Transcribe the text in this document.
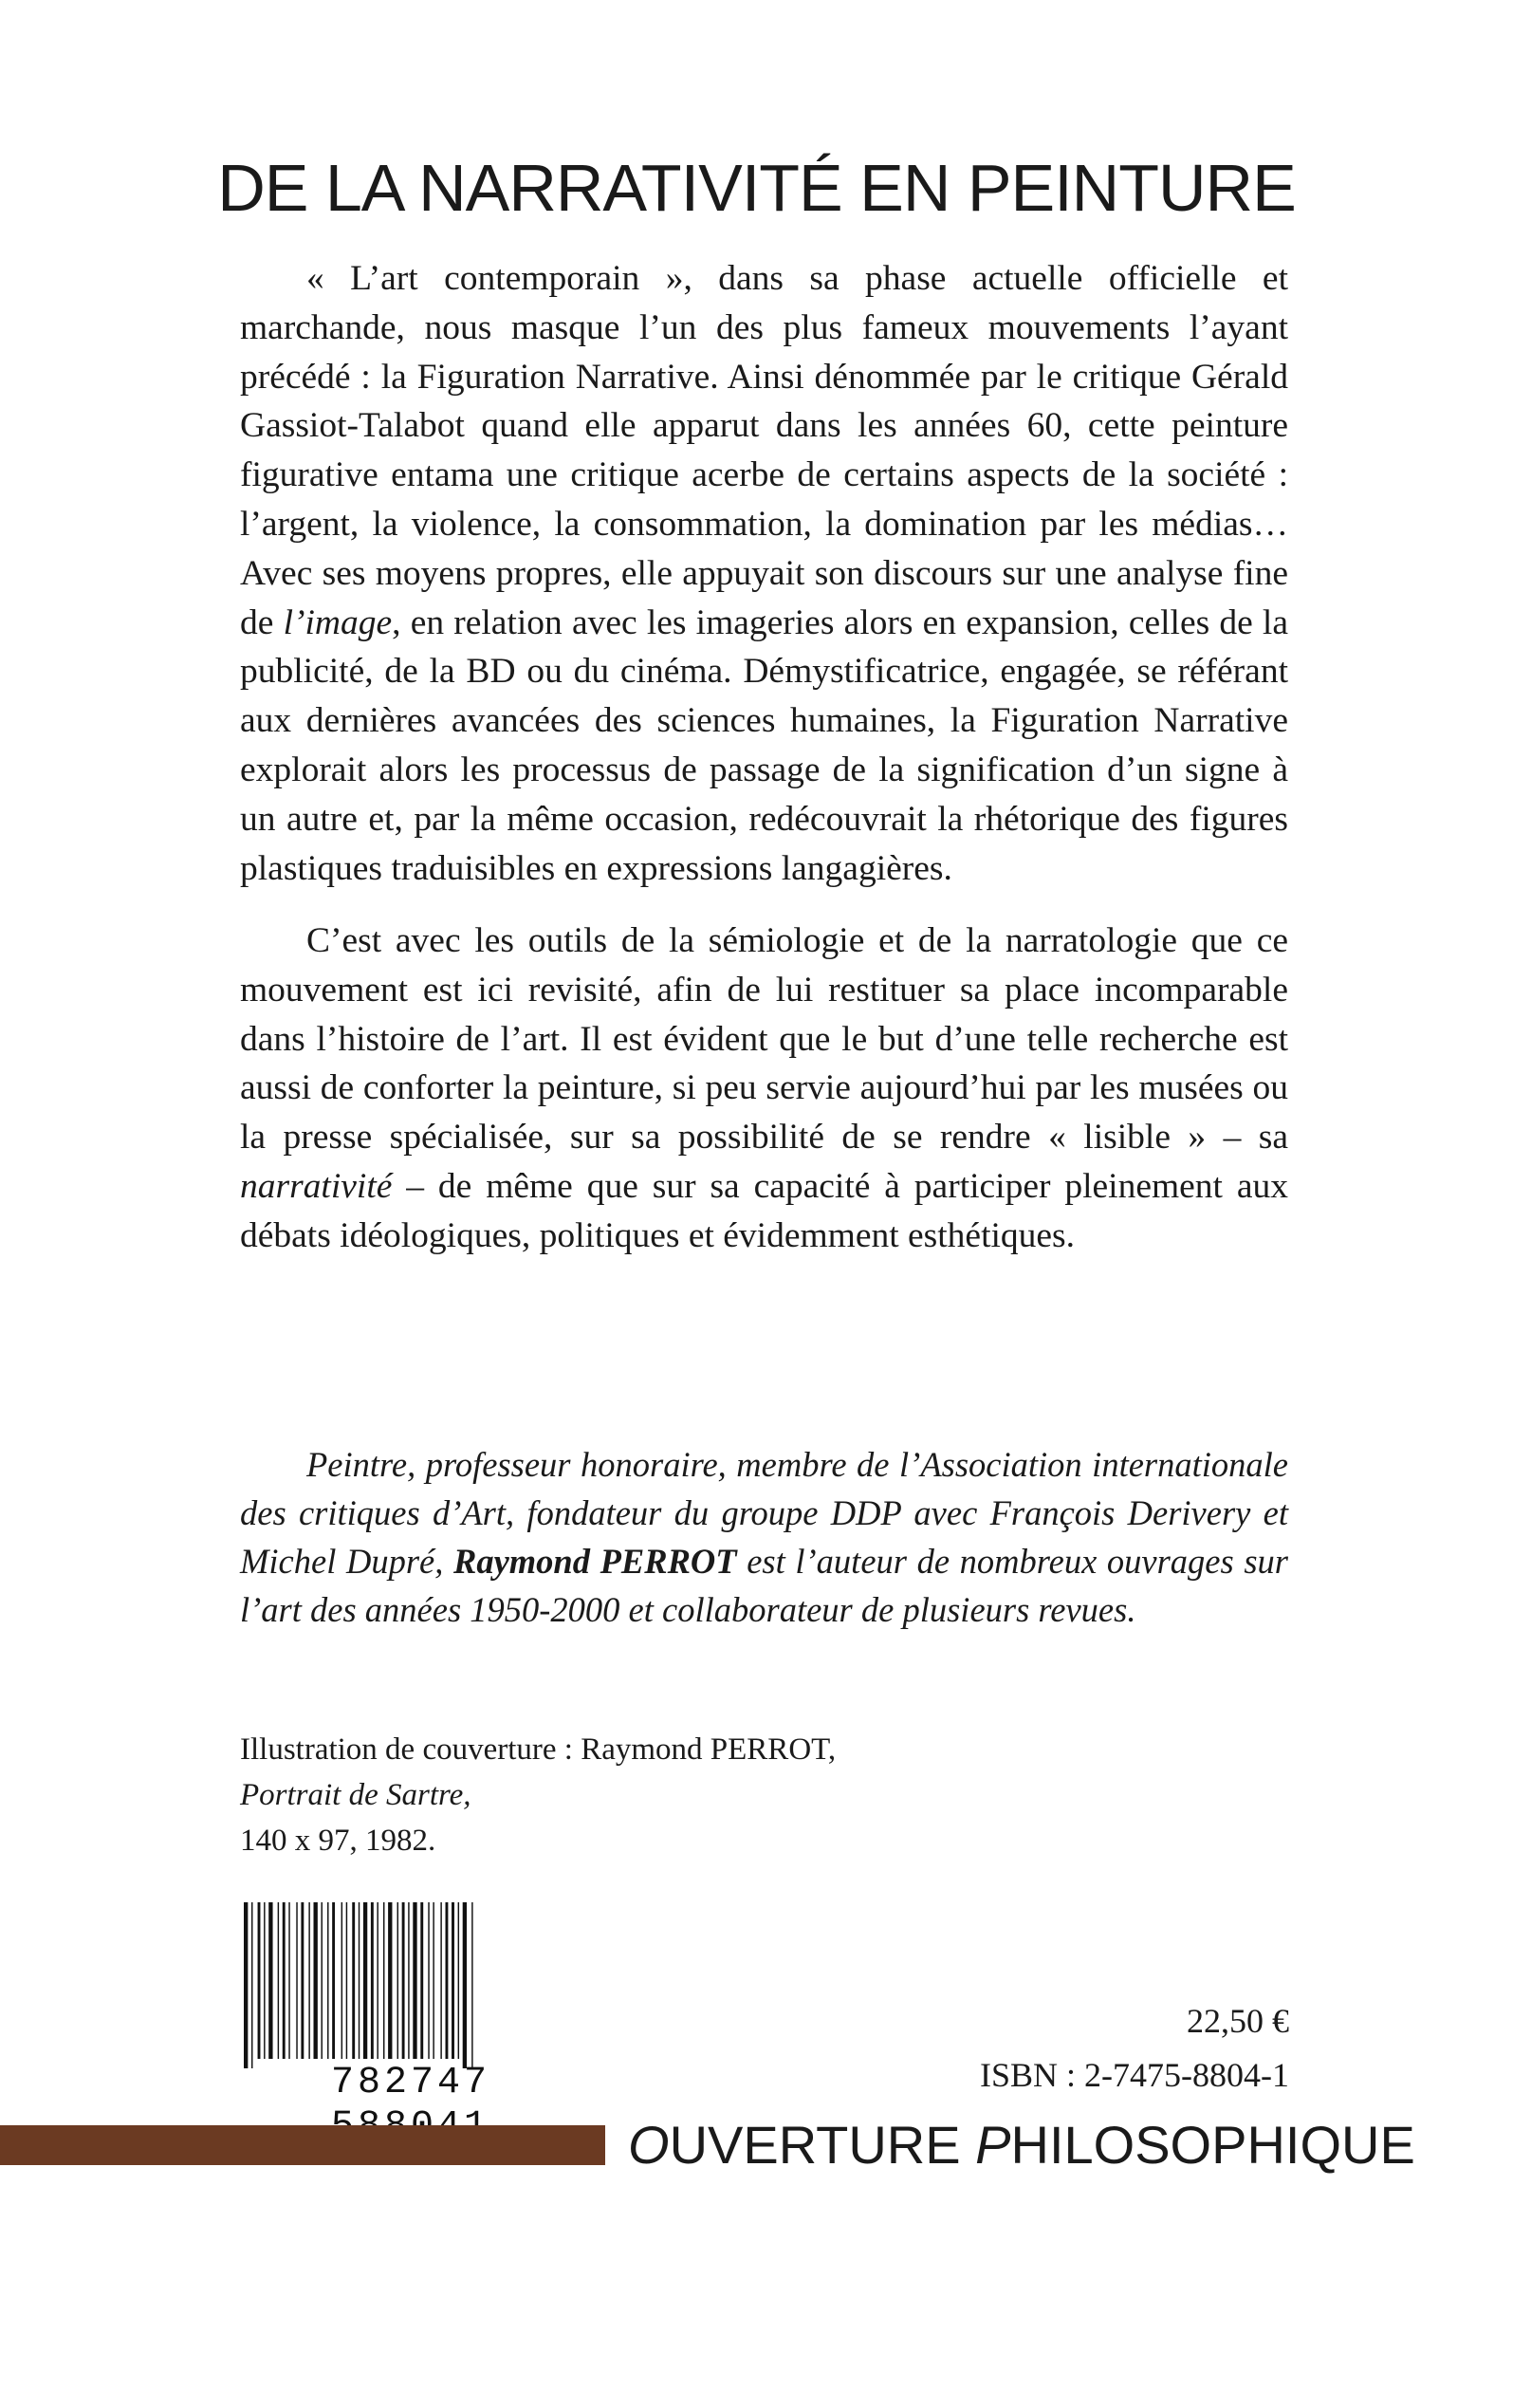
DE LA NARRATIVITÉ EN PEINTURE

« L’art contemporain », dans sa phase actuelle officielle et marchande, nous masque l’un des plus fameux mouvements l’ayant précédé : la Figuration Narrative. Ainsi dénommée par le critique Gérald Gassiot-Talabot quand elle apparut dans les années 60, cette peinture figurative entama une critique acerbe de certains aspects de la société : l’argent, la violence, la consommation, la domination par les médias… Avec ses moyens propres, elle appuyait son discours sur une analyse fine de l’image, en relation avec les imageries alors en expansion, celles de la publicité, de la BD ou du cinéma. Démystificatrice, engagée, se référant aux dernières avancées des sciences humaines, la Figuration Narrative explorait alors les processus de passage de la signification d’un signe à un autre et, par la même occasion, redécouvrait la rhétorique des figures plastiques traduisibles en expressions langagières.

C’est avec les outils de la sémiologie et de la narratologie que ce mouvement est ici revisité, afin de lui restituer sa place incomparable dans l’histoire de l’art. Il est évident que le but d’une telle recherche est aussi de conforter la peinture, si peu servie aujourd’hui par les musées ou la presse spécialisée, sur sa possibilité de se rendre « lisible » – sa narrativité – de même que sur sa capacité à participer pleinement aux débats idéologiques, politiques et évidemment esthétiques.

Peintre, professeur honoraire, membre de l’Association internationale des critiques d’Art, fondateur du groupe DDP avec François Derivery et Michel Dupré, Raymond PERROT est l’auteur de nombreux ouvrages sur l’art des années 1950-2000 et collaborateur de plusieurs revues.

Illustration de couverture : Raymond PERROT,
Portrait de Sartre,
140 x 97, 1982.
782747
22,50 €
ISBN : 2-7475-8804-1
OUVERTURE PHILOSOPHIQUE
